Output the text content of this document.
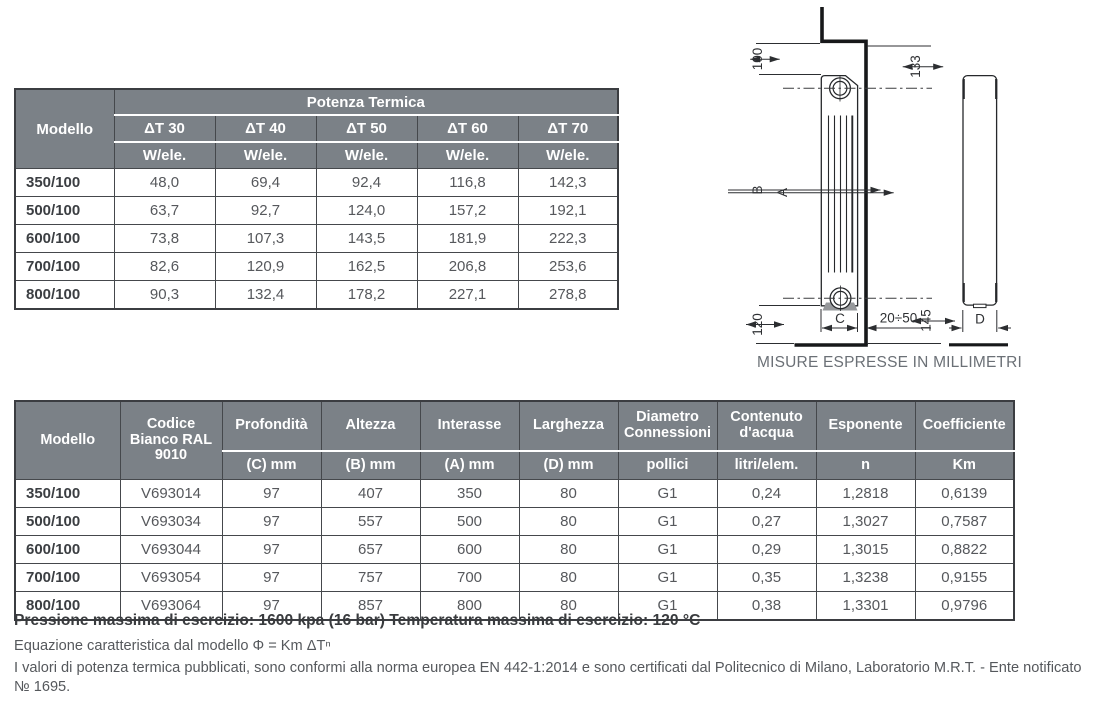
Modello	Potenza Termica				
	ΔT 30	ΔT 40	ΔT 50	ΔT 60	ΔT 70
	W/ele.	W/ele.	W/ele.	W/ele.	W/ele.
350/100	48,0	69,4	92,4	116,8	142,3
500/100	63,7	92,7	124,0	157,2	192,1
600/100	73,8	107,3	143,5	181,9	222,3
700/100	82,6	120,9	162,5	206,8	253,6
800/100	90,3	132,4	178,2	227,1	278,8
100
B
120
A
133
145
C	20÷50	D
MISURE ESPRESSE IN MILLIMETRI
Modello	Codice Bianco RAL 9010	Profondità	Altezza	Interasse	Larghezza	Diametro Connessioni	Contenuto d'acqua	Esponente	Coefficiente
		(C) mm	(B) mm	(A) mm	(D) mm	pollici	litri/elem.	n	Km
350/100	V693014	97	407	350	80	G1	0,24	1,2818	0,6139
500/100	V693034	97	557	500	80	G1	0,27	1,3027	0,7587
600/100	V693044	97	657	600	80	G1	0,29	1,3015	0,8822
700/100	V693054	97	757	700	80	G1	0,35	1,3238	0,9155
800/100	V693064	97	857	800	80	G1	0,38	1,3301	0,9796

Pressione massima di esercizio: 1600 kpa (16 bar) Temperatura massima di esercizio: 120 °C

Equazione caratteristica dal modello Φ = Km ΔTⁿ

I valori di potenza termica pubblicati, sono conformi alla norma europea EN 442-1:2014 e sono certificati dal Politecnico di Milano, Laboratorio M.R.T. - Ente notificato № 1695.
